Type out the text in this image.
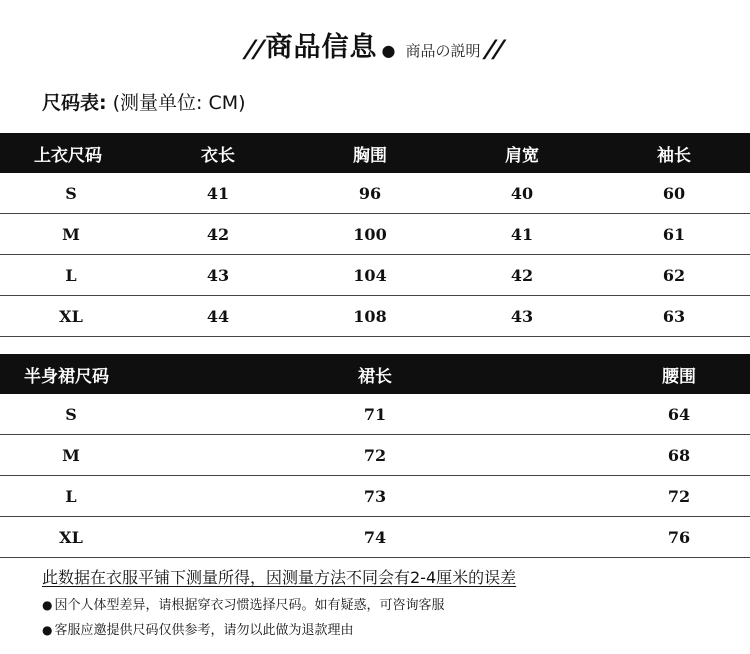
// 商品信息 ● 商品の説明 //
尺码表: (测量单位: CM)
上衣尺码	衣长	胸围	肩宽	袖长
S	41	96	40	60
M	42	100	41	61
L	43	104	42	62
XL	44	108	43	63
半身裙尺码	裙长	腰围
S	71	64
M	72	68
L	73	72
XL	74	76
此数据在衣服平铺下测量所得，因测量方法不同会有2-4厘米的误差
● 因个人体型差异，请根据穿衣习惯选择尺码。如有疑惑，可咨询客服
● 客服应邀提供尺码仅供参考，请勿以此做为退款理由
